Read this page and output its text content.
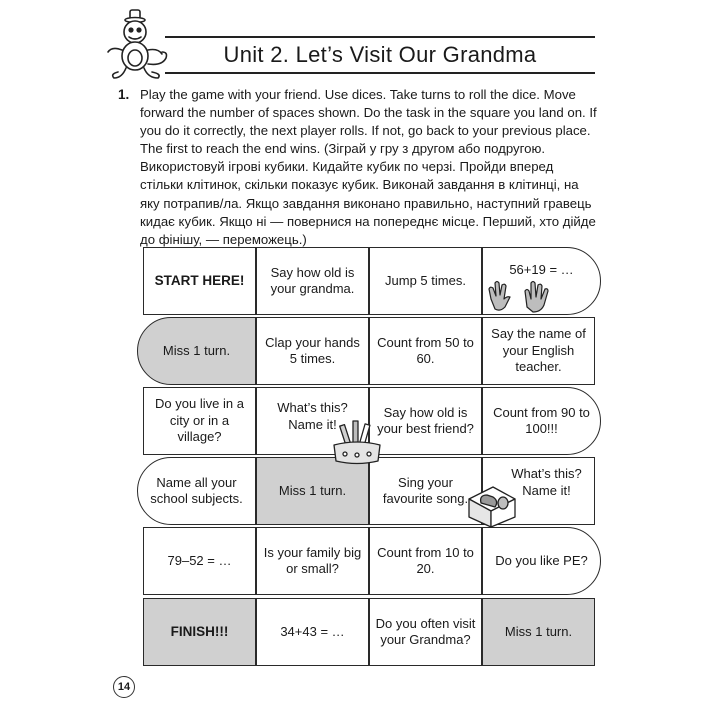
Unit 2. Let’s Visit Our Grandma
1. Play the game with your friend. Use dices. Take turns to roll the dice. Move forward the number of spaces shown. Do the task in the square you land on. If you do it correctly, the next player rolls. If not, go back to your previous place. The first to reach the end wins. (Зіграй у гру з другом або подругою. Використовуй ігрові кубики. Кидайте кубик по черзі. Пройди вперед стільки клітинок, скільки показує кубик. Виконай завдання в клітинці, на яку потрапив/ла. Якщо завдання виконано правильно, наступний гравець кидає кубик. Якщо ні — повернися на попереднє місце. Перший, хто дійде до фінішу, — переможець.)

START HERE!
Say how old is your grandma.
Jump 5 times.
56+19 = …
Miss 1 turn.
Clap your hands 5 times.
Count from 50 to 60.
Say the name of your English teacher.
Do you live in a city or in a village?
What’s this? Name it!
Say how old is your best friend?
Count from 90 to 100!!!
Name all your school subjects.
Miss 1 turn.
Sing your favourite song.
What’s this? Name it!
79–52 = …
Is your family big or small?
Count from 10 to 20.
Do you like PE?
FINISH!!!	34+43 = …
Do you often visit your Grandma?
Miss 1 turn.
14
